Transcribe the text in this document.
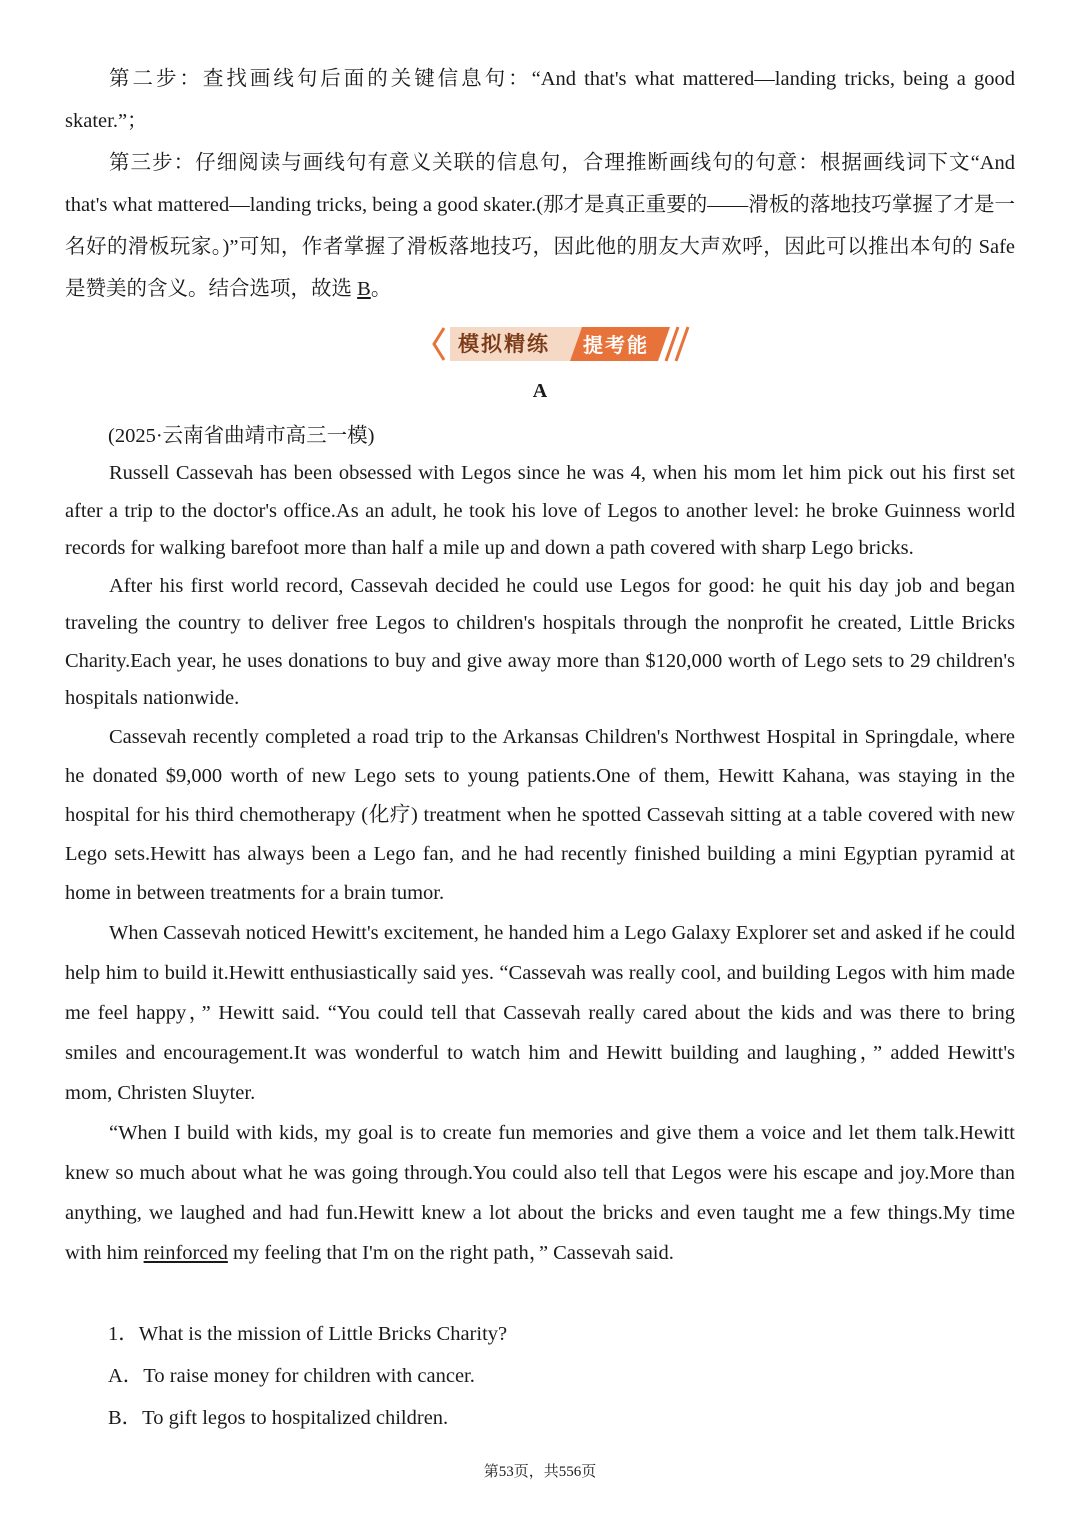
第二步：查找画线句后面的关键信息句：“And that's what mattered—landing tricks, being a good skater.”；

第三步：仔细阅读与画线句有意义关联的信息句，合理推断画线句的句意：根据画线词下文“And that's what mattered—landing tricks, being a good skater.(那才是真正重要的——滑板的落地技巧掌握了才是一名好的滑板玩家。)”可知，作者掌握了滑板落地技巧，因此他的朋友大声欢呼，因此可以推出本句的 Safe 是赞美的含义。结合选项，故选 B。

模拟精练 提考能
A
(2025·云南省曲靖市高三一模)

Russell Cassevah has been obsessed with Legos since he was 4, when his mom let him pick out his first set after a trip to the doctor's office.As an adult, he took his love of Legos to another level: he broke Guinness world records for walking barefoot more than half a mile up and down a path covered with sharp Lego bricks.

After his first world record, Cassevah decided he could use Legos for good: he quit his day job and began traveling the country to deliver free Legos to children's hospitals through the nonprofit he created, Little Bricks Charity.Each year, he uses donations to buy and give away more than $120,000 worth of Lego sets to 29 children's hospitals nationwide.

Cassevah recently completed a road trip to the Arkansas Children's Northwest Hospital in Springdale, where he donated $9,000 worth of new Lego sets to young patients.One of them, Hewitt Kahana, was staying in the hospital for his third chemotherapy (化疗) treatment when he spotted Cassevah sitting at a table covered with new Lego sets.Hewitt has always been a Lego fan, and he had recently finished building a mini Egyptian pyramid at home in between treatments for a brain tumor.

When Cassevah noticed Hewitt's excitement, he handed him a Lego Galaxy Explorer set and asked if he could help him to build it.Hewitt enthusiastically said yes. “Cassevah was really cool, and building Legos with him made me feel happy，” Hewitt said. “You could tell that Cassevah really cared about the kids and was there to bring smiles and encouragement.It was wonderful to watch him and Hewitt building and laughing，” added Hewitt's mom, Christen Sluyter.

“When I build with kids, my goal is to create fun memories and give them a voice and let them talk.Hewitt knew so much about what he was going through.You could also tell that Legos were his escape and joy.More than anything, we laughed and had fun.Hewitt knew a lot about the bricks and even taught me a few things.My time with him reinforced my feeling that I'm on the right path，” Cassevah said.

1．What is the mission of Little Bricks Charity?
A．To raise money for children with cancer.
B．To gift legos to hospitalized children.
第53页，共556页
